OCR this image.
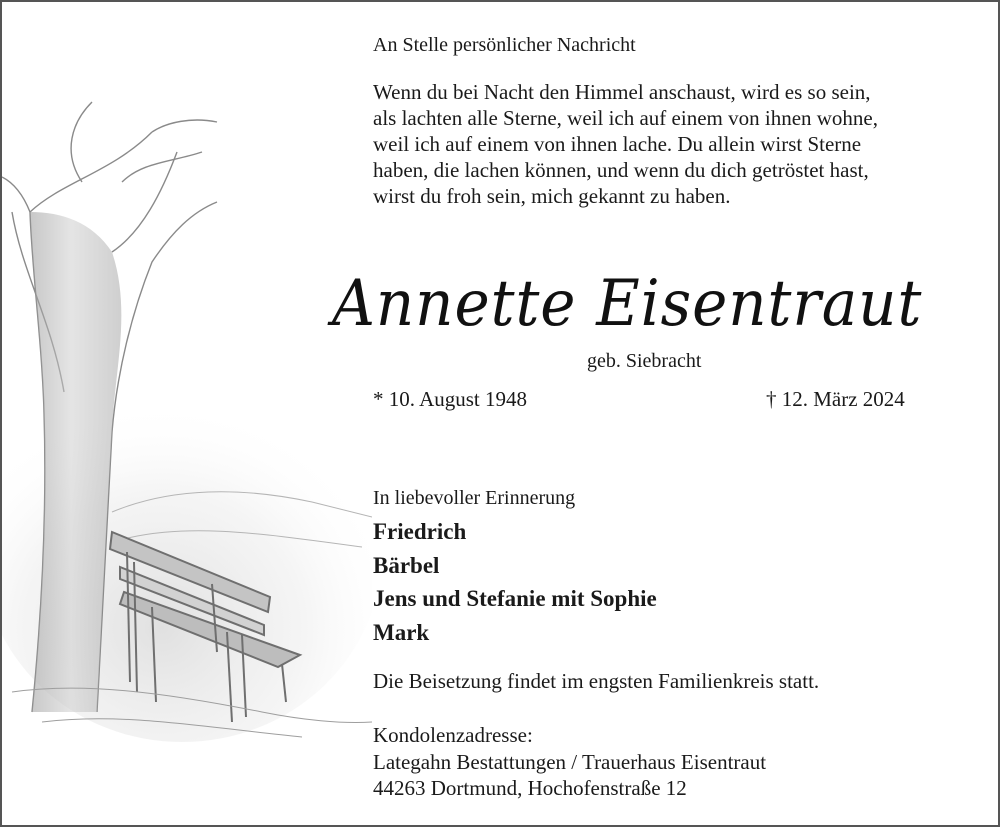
An Stelle persönlicher Nachricht
Wenn du bei Nacht den Himmel anschaust, wird es so sein,
als lachten alle Sterne, weil ich auf einem von ihnen wohne,
weil ich auf einem von ihnen lache. Du allein wirst Sterne
haben, die lachen können, und wenn du dich getröstet hast,
wirst du froh sein, mich gekannt zu haben.
Annette Eisentraut
geb. Siebracht
* 10. August 1948	† 12. März 2024
In liebevoller Erinnerung
Friedrich
Bärbel
Jens und Stefanie mit Sophie
Mark
Die Beisetzung findet im engsten Familienkreis statt.
Kondolenzadresse:
Lategahn Bestattungen / Trauerhaus Eisentraut
44263 Dortmund, Hochofenstraße 12
